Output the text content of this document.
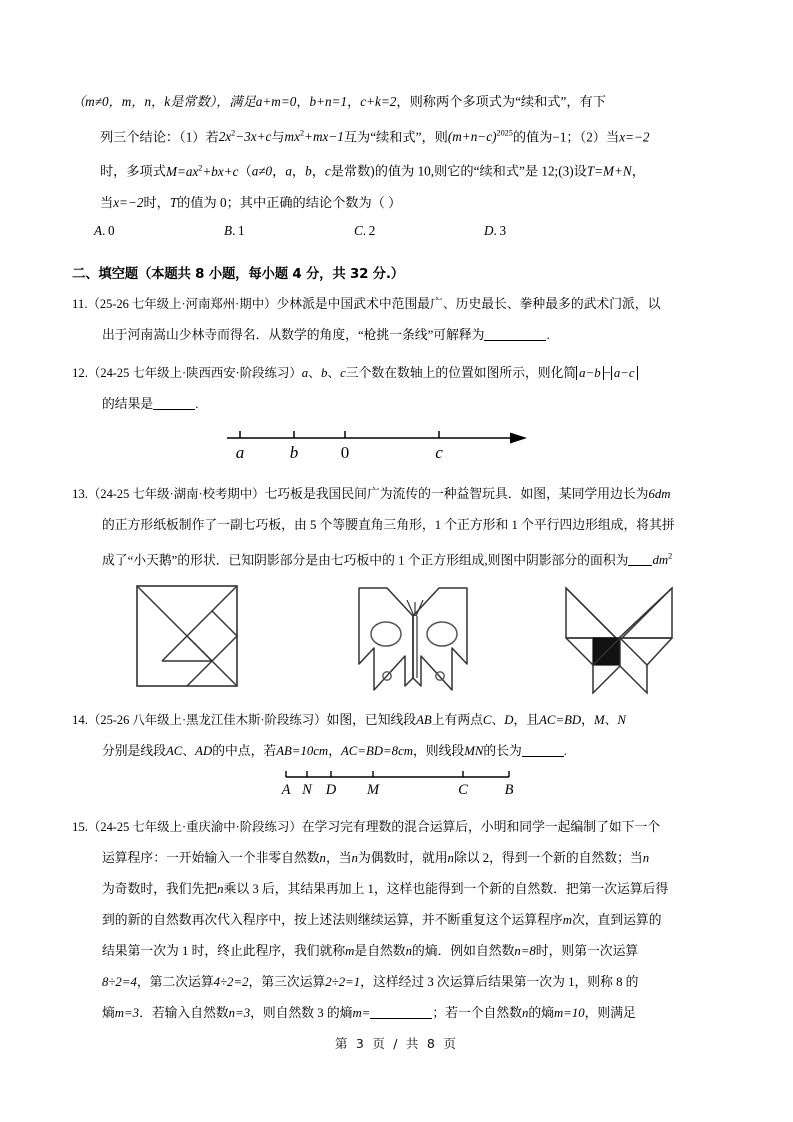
（m≠0，m，n，k是常数），满足a+m=0，b+n=1，c+k=2，则称两个多项式为“续和式”，有下
列三个结论：（1）若$2x^2-3x+c$与$mx^2+mx-1$互为“续和式”，则$(m+n-c)^{2025}$的值为−1；（2）当x=−2
时，多项式$M=ax^2+bx+c(a\ne 0$，a，b，c是常数)的值为 10,则它的“续和式”是 12;(3)设T=M+N，
当x=−2时，T的值为 0；其中正确的结论个数为（ ）
A. 0	B. 1	C. 2	D. 3
二、填空题（本题共 8 小题，每小题 4 分，共 32 分.）
11.（25-26 七年级上·河南郑州·期中）少林派是中国武术中范围最广、历史最长、拳种最多的武术门派，以
出于河南嵩山少林寺而得名．从数学的角度，“枪挑一条线”可解释为	.
12.（24-25 七年级上·陕西西安·阶段练习）a、b、c三个数在数轴上的位置如图所示，则化简 a−b − a−c
的结果是	.
a	b	0	c
13.（24-25 七年级·湖南·校考期中）七巧板是我国民间广为流传的一种益智玩具．如图，某同学用边长为6dm
的正方形纸板制作了一副七巧板，由 5 个等腰直角三角形，1 个正方形和 1 个平行四边形组成，将其拼
成了“小天鹅”的形状．已知阴影部分是由七巧板中的 1 个正方形组成,则图中阴影部分的面积为 $dm^2$
14.（25-26 八年级上·黑龙江佳木斯·阶段练习）如图，已知线段AB上有两点C、D，且AC=BD，M、N
分别是线段AC、AD的中点，若AB=10cm，AC=BD=8cm，则线段MN的长为	.
A N D M	C	B
15.（24-25 七年级上·重庆渝中·阶段练习）在学习完有理数的混合运算后，小明和同学一起编制了如下一个
运算程序：一开始输入一个非零自然数n，当n为偶数时，就用n除以 2，得到一个新的自然数；当n
为奇数时，我们先把n乘以 3 后，其结果再加上 1，这样也能得到一个新的自然数．把第一次运算后得
到的新的自然数再次代入程序中，按上述法则继续运算，并不断重复这个运算程序m次，直到运算的
结果第一次为 1 时，终止此程序，我们就称m是自然数n的熵．例如自然数n=8时，则第一次运算
8÷2=4，第二次运算4÷2=2，第三次运算2÷2=1，这样经过 3 次运算后结果第一次为 1，则称 8 的
熵m=3．若输入自然数n=3，则自然数 3 的熵m=	；若一个自然数n的熵m=10，则满足
第 3 页 / 共 8 页
